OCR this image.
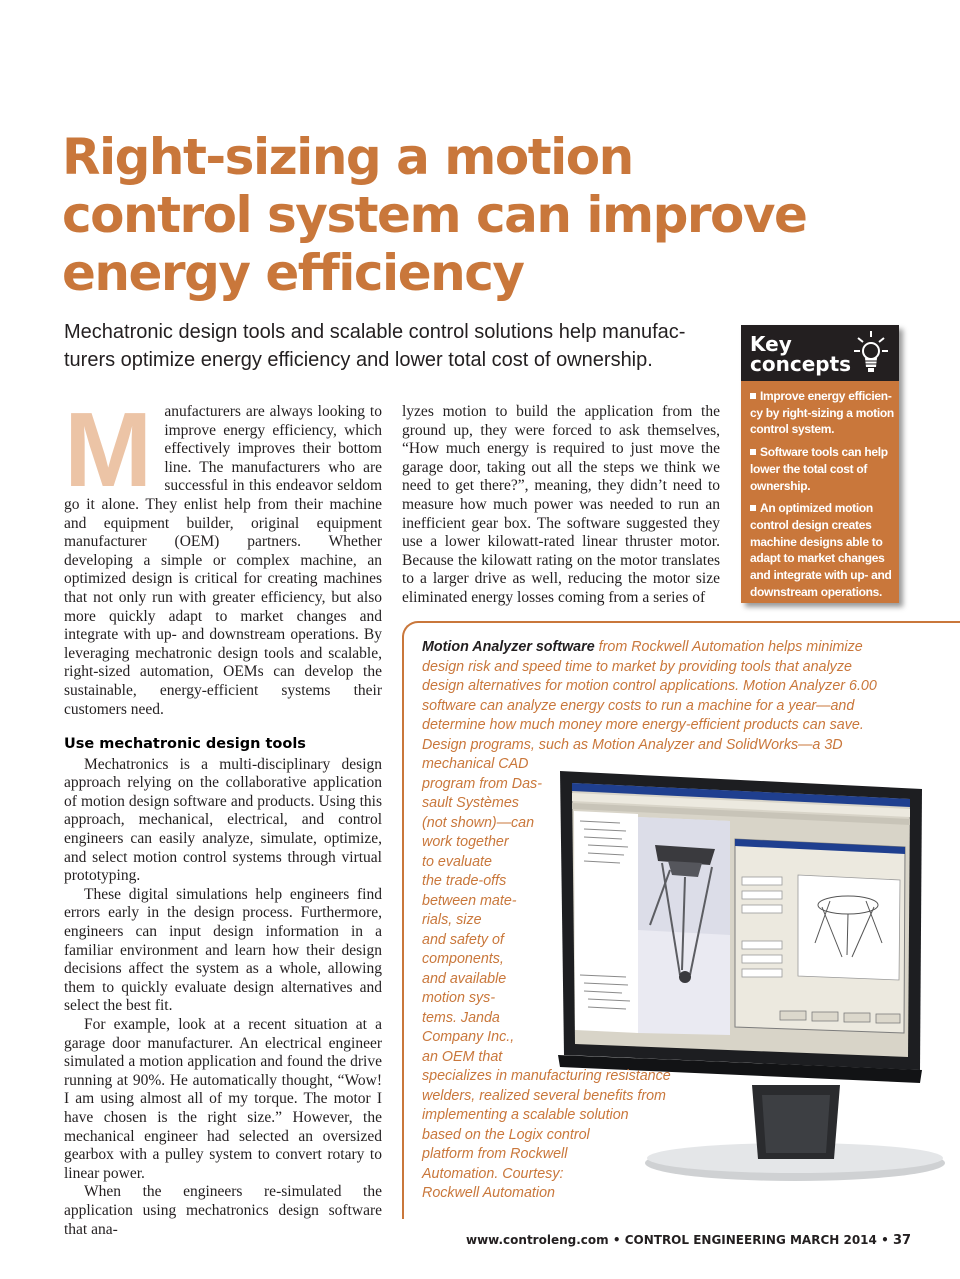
Right-sizing a motion
control system can improve
energy efficiency
Mechatronic design tools and scalable control solutions help manufac-
turers optimize energy efficiency and lower total cost of ownership.
M anufacturers are always looking to improve energy efficiency, which effectively improves their bottom line. The manufacturers who are successful in this endeavor seldom go it alone. They enlist help from their machine and equipment builder, original equipment manufacturer (OEM) partners. Whether developing a simple or complex machine, an optimized design is critical for creating machines that not only run with greater efficiency, but also more quickly adapt to market changes and integrate with up- and downstream operations. By leveraging mechatronic design tools and scalable, right-sized automation, OEMs can develop the sustainable, energy-efficient systems their customers need.

Use mechatronic design tools

Mechatronics is a multi-disciplinary design approach relying on the collaborative application of motion design software and products. Using this approach, mechanical, electrical, and control engineers can easily analyze, simulate, optimize, and select motion control systems through virtual prototyping.

These digital simulations help engineers find errors early in the design process. Furthermore, engineers can input design information in a familiar environment and learn how their design decisions affect the system as a whole, allowing them to quickly evaluate design alternatives and select the best fit.

For example, look at a recent situation at a garage door manufacturer. An electrical engineer simulated a motion application and found the drive running at 90%. He automatically thought, “Wow! I am using almost all of my torque. The motor I have chosen is the right size.” However, the mechanical engineer had selected an oversized gearbox with a pulley system to convert rotary to linear power.

When the engineers re-simulated the application using mechatronics design software that ana-

lyzes motion to build the application from the ground up, they were forced to ask themselves, “How much energy is required to just move the garage door, taking out all the steps we think we need to get there?”, meaning, they didn’t need to measure how much power was needed to run an inefficient gear box. The software suggested they use a lower kilowatt-rated linear thruster motor. Because the kilowatt rating on the motor translates to a larger drive as well, reducing the motor size eliminated energy losses coming from a series of

Key
concepts
Improve energy efficien-
cy by right-sizing a motion
control system.
Software tools can help
lower the total cost of
ownership.
An optimized motion
control design creates
machine designs able to
adapt to market changes
and integrate with up- and
downstream operations.
Motion Analyzer software from Rockwell Automation helps minimize
design risk and speed time to market by providing tools that analyze
design alternatives for motion control applications. Motion Analyzer 6.00
software can analyze energy costs to run a machine for a year—and
determine how much money more energy-efficient products can save.
Design programs, such as Motion Analyzer and SolidWorks—a 3D
mechanical CAD
program from Das-
sault Systèmes
(not shown)—can
work together
to evaluate
the trade-offs
between mate-
rials, size
and safety of
components,
and available
motion sys-
tems. Janda
Company Inc.,
an OEM that
specializes in manufacturing resistance
welders, realized several benefits from
implementing a scalable solution
based on the Logix control
platform from Rockwell
Automation. Courtesy:
Rockwell Automation
www.controleng.com • CONTROL ENGINEERING MARCH 2014 • 37
